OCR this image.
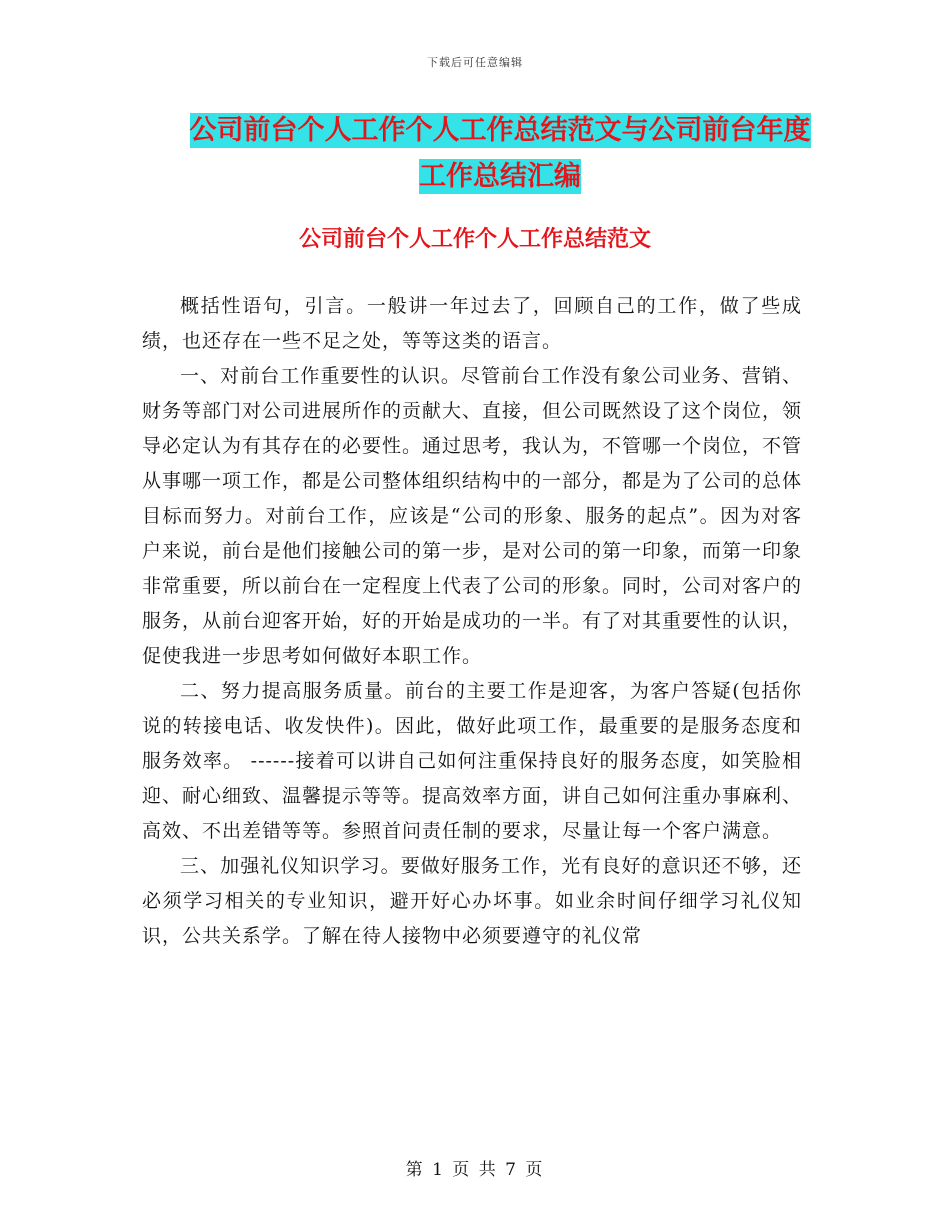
下载后可任意编辑
公司前台个人工作个人工作总结范文与公司前台年度
工作总结汇编
公司前台个人工作个人工作总结范文

概括性语句，引言。一般讲一年过去了，回顾自己的工作，做了些成绩，也还存在一些不足之处，等等这类的语言。

一、对前台工作重要性的认识。尽管前台工作没有象公司业务、营销、财务等部门对公司进展所作的贡献大、直接，但公司既然设了这个岗位，领导必定认为有其存在的必要性。通过思考，我认为，不管哪一个岗位，不管从事哪一项工作，都是公司整体组织结构中的一部分，都是为了公司的总体目标而努力。对前台工作，应该是“公司的形象、服务的起点”。因为对客户来说，前台是他们接触公司的第一步，是对公司的第一印象，而第一印象非常重要，所以前台在一定程度上代表了公司的形象。同时，公司对客户的服务，从前台迎客开始，好的开始是成功的一半。有了对其重要性的认识，促使我进一步思考如何做好本职工作。

二、努力提高服务质量。前台的主要工作是迎客，为客户答疑(包括你说的转接电话、收发快件)。因此，做好此项工作，最重要的是服务态度和服务效率。 ------接着可以讲自己如何注重保持良好的服务态度，如笑脸相迎、耐心细致、温馨提示等等。提高效率方面，讲自己如何注重办事麻利、高效、不出差错等等。参照首问责任制的要求，尽量让每一个客户满意。

三、加强礼仪知识学习。要做好服务工作，光有良好的意识还不够，还必须学习相关的专业知识，避开好心办坏事。如业余时间仔细学习礼仪知识，公共关系学。了解在待人接物中必须要遵守的礼仪常

第 1 页 共 7 页
